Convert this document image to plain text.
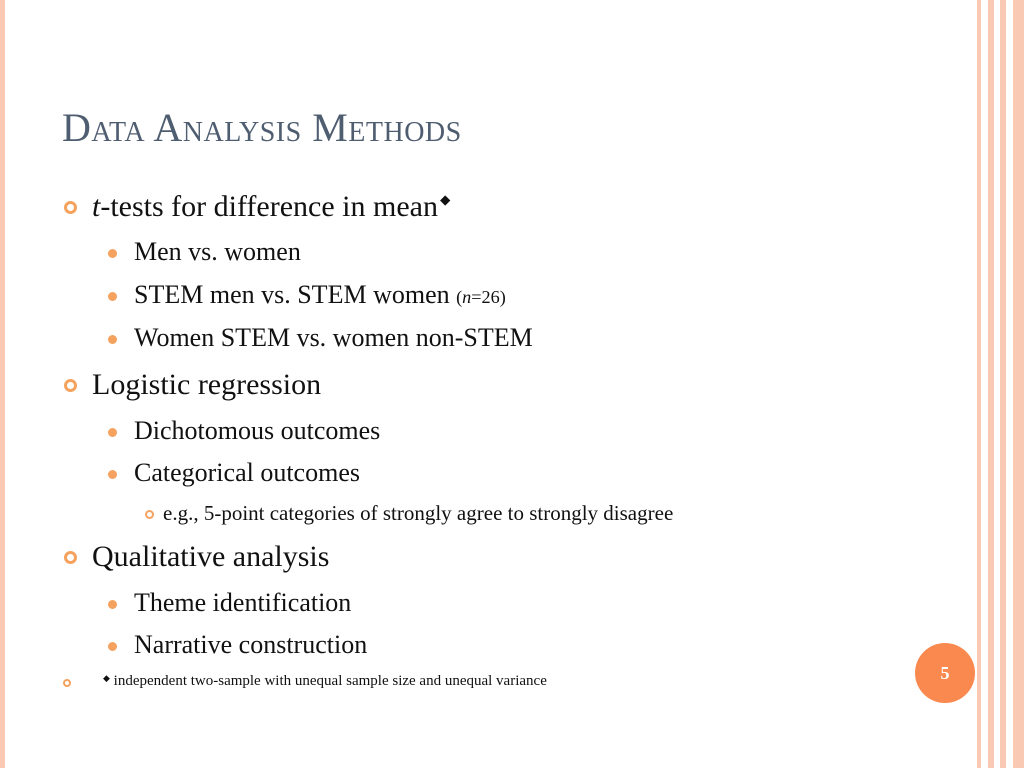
Data Analysis Methods
t-tests for difference in mean ◆
Men vs. women
STEM men vs. STEM women (n=26)
Women STEM vs. women non-STEM
Logistic regression
Dichotomous outcomes
Categorical outcomes
e.g., 5-point categories of strongly agree to strongly disagree
Qualitative analysis
Theme identification
Narrative construction
◆ independent two-sample with unequal sample size and unequal variance	5
